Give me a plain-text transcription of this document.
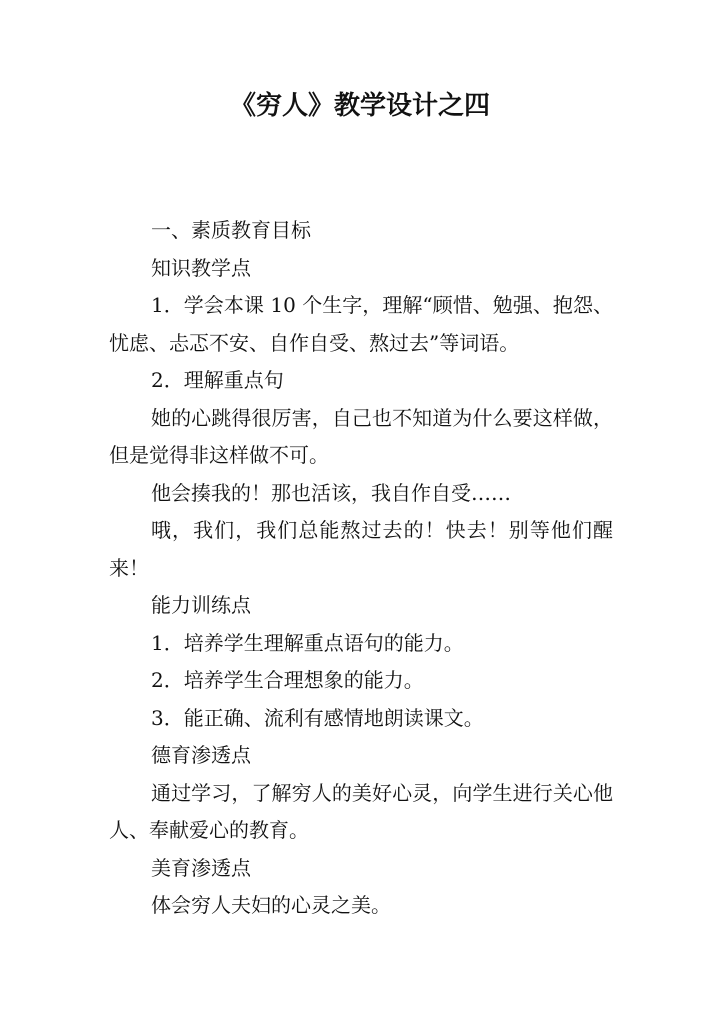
《穷人》教学设计之四

一、素质教育目标

知识教学点

1．学会本课 10 个生字，理解“顾惜、勉强、抱怨、忧虑、忐忑不安、自作自受、熬过去”等词语。

2．理解重点句

她的心跳得很厉害，自己也不知道为什么要这样做，但是觉得非这样做不可。

他会揍我的！那也活该，我自作自受……

哦，我们，我们总能熬过去的！快去！别等他们醒来！

能力训练点

1．培养学生理解重点语句的能力。

2．培养学生合理想象的能力。

3．能正确、流利有感情地朗读课文。

德育渗透点

通过学习，了解穷人的美好心灵，向学生进行关心他人、奉献爱心的教育。

美育渗透点

体会穷人夫妇的心灵之美。
